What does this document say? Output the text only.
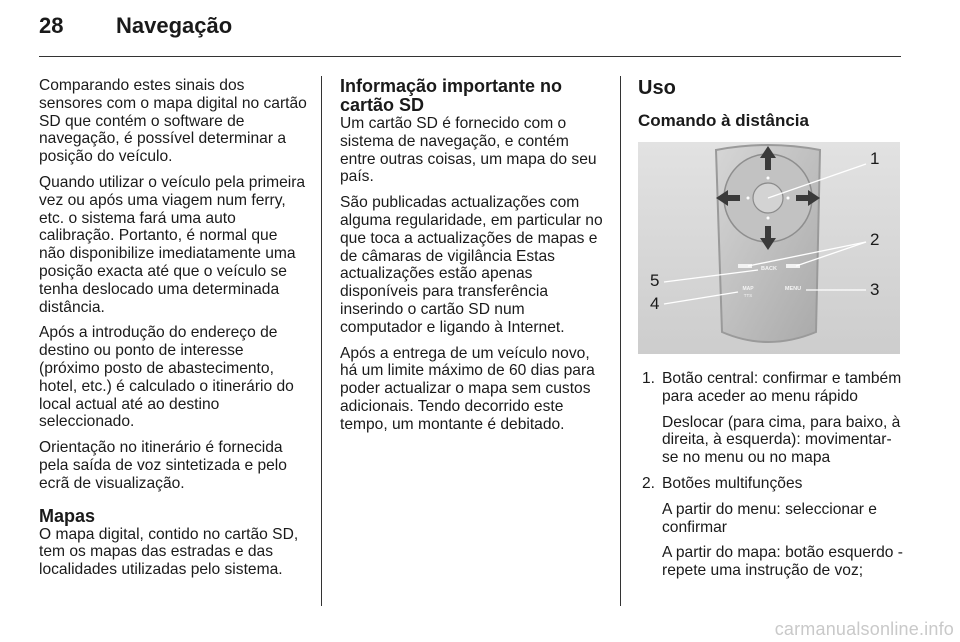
28 Navegação

Comparando estes sinais dos sensores com o mapa digital no cartão SD que contém o software de navegação, é possível determinar a posição do veículo.

Quando utilizar o veículo pela primeira vez ou após uma viagem num ferry, etc. o sistema fará uma auto calibração. Portanto, é normal que não disponibilize imediatamente uma posição exacta até que o veículo se tenha deslocado uma determinada distância.

Após a introdução do endereço de destino ou ponto de interesse (próximo posto de abastecimento, hotel, etc.) é calculado o itinerário do local actual até ao destino seleccionado.

Orientação no itinerário é fornecida pela saída de voz sintetizada e pelo ecrã de visualização.

Mapas

O mapa digital, contido no cartão SD, tem os mapas das estradas e das localidades utilizadas pelo sistema.

Informação importante no cartão SD

Um cartão SD é fornecido com o sistema de navegação, e contém entre outras coisas, um mapa do seu país.

São publicadas actualizações com alguma regularidade, em particular no que toca a actualizações de mapas e de câmaras de vigilância Estas actualizações estão apenas disponíveis para transferência inserindo o cartão SD num computador e ligando à Internet.

Após a entrega de um veículo novo, há um limite máximo de 60 dias para poder actualizar o mapa sem custos adicionais. Tendo decorrido este tempo, um montante é debitado.

Uso
Comando à distância
BACK
MENU
MAP
TTS
1
2
3
4
5
1. Botão central: confirmar e também para aceder ao menu rápido

Deslocar (para cima, para baixo, à direita, à esquerda): movimentar-se no menu ou no mapa

2. Botões multifunções

A partir do menu: seleccionar e confirmar

A partir do mapa: botão esquerdo - repete uma instrução de voz;

carmanualsonline.info
